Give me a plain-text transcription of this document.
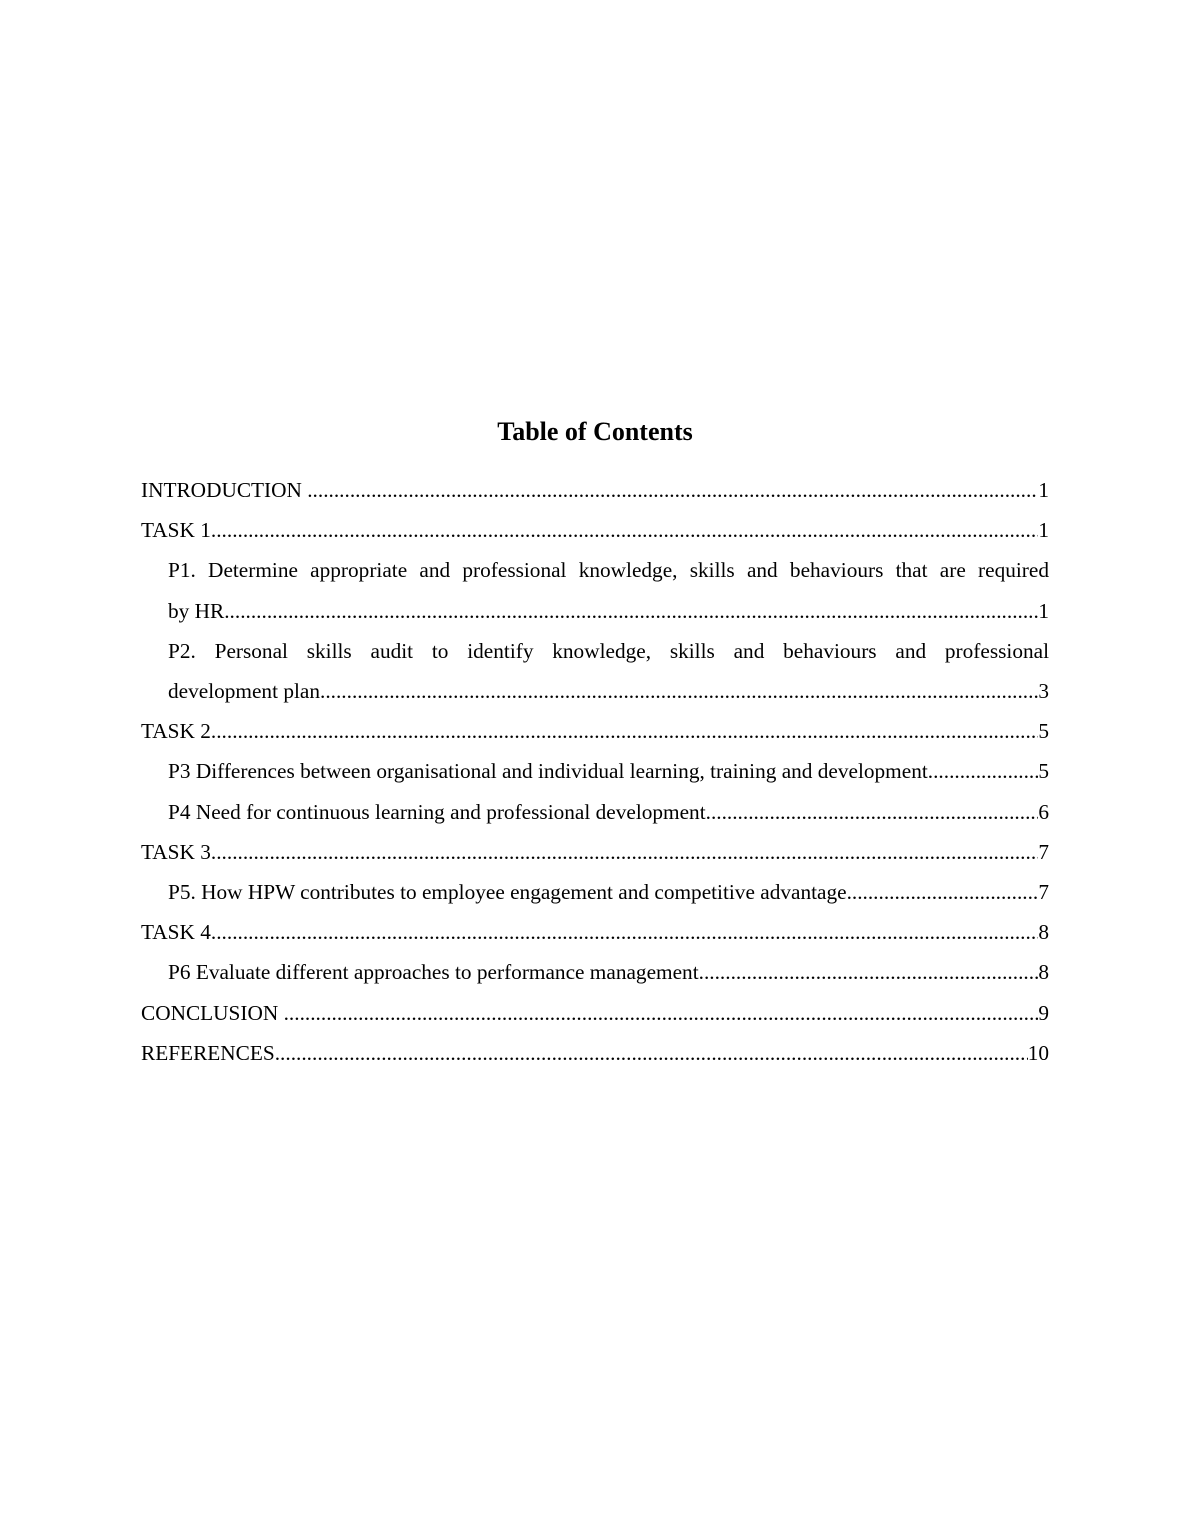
Table of Contents
INTRODUCTION .....	1
TASK 1 .....	1
P1. Determine appropriate and professional knowledge, skills and behaviours that are required
by HR .....	1
P2. Personal skills audit to identify knowledge, skills and behaviours and professional
development plan .....	3
TASK 2 .....	5
P3 Differences between organisational and individual learning, training and development. .....	5
P4 Need for continuous learning and professional development. .....	6
TASK 3 .....	7
P5. How HPW contributes to employee engagement and competitive advantage .....	7
TASK 4 .....	8
P6 Evaluate different approaches to performance management .....	8
CONCLUSION .....	9
REFERENCES .....	10
